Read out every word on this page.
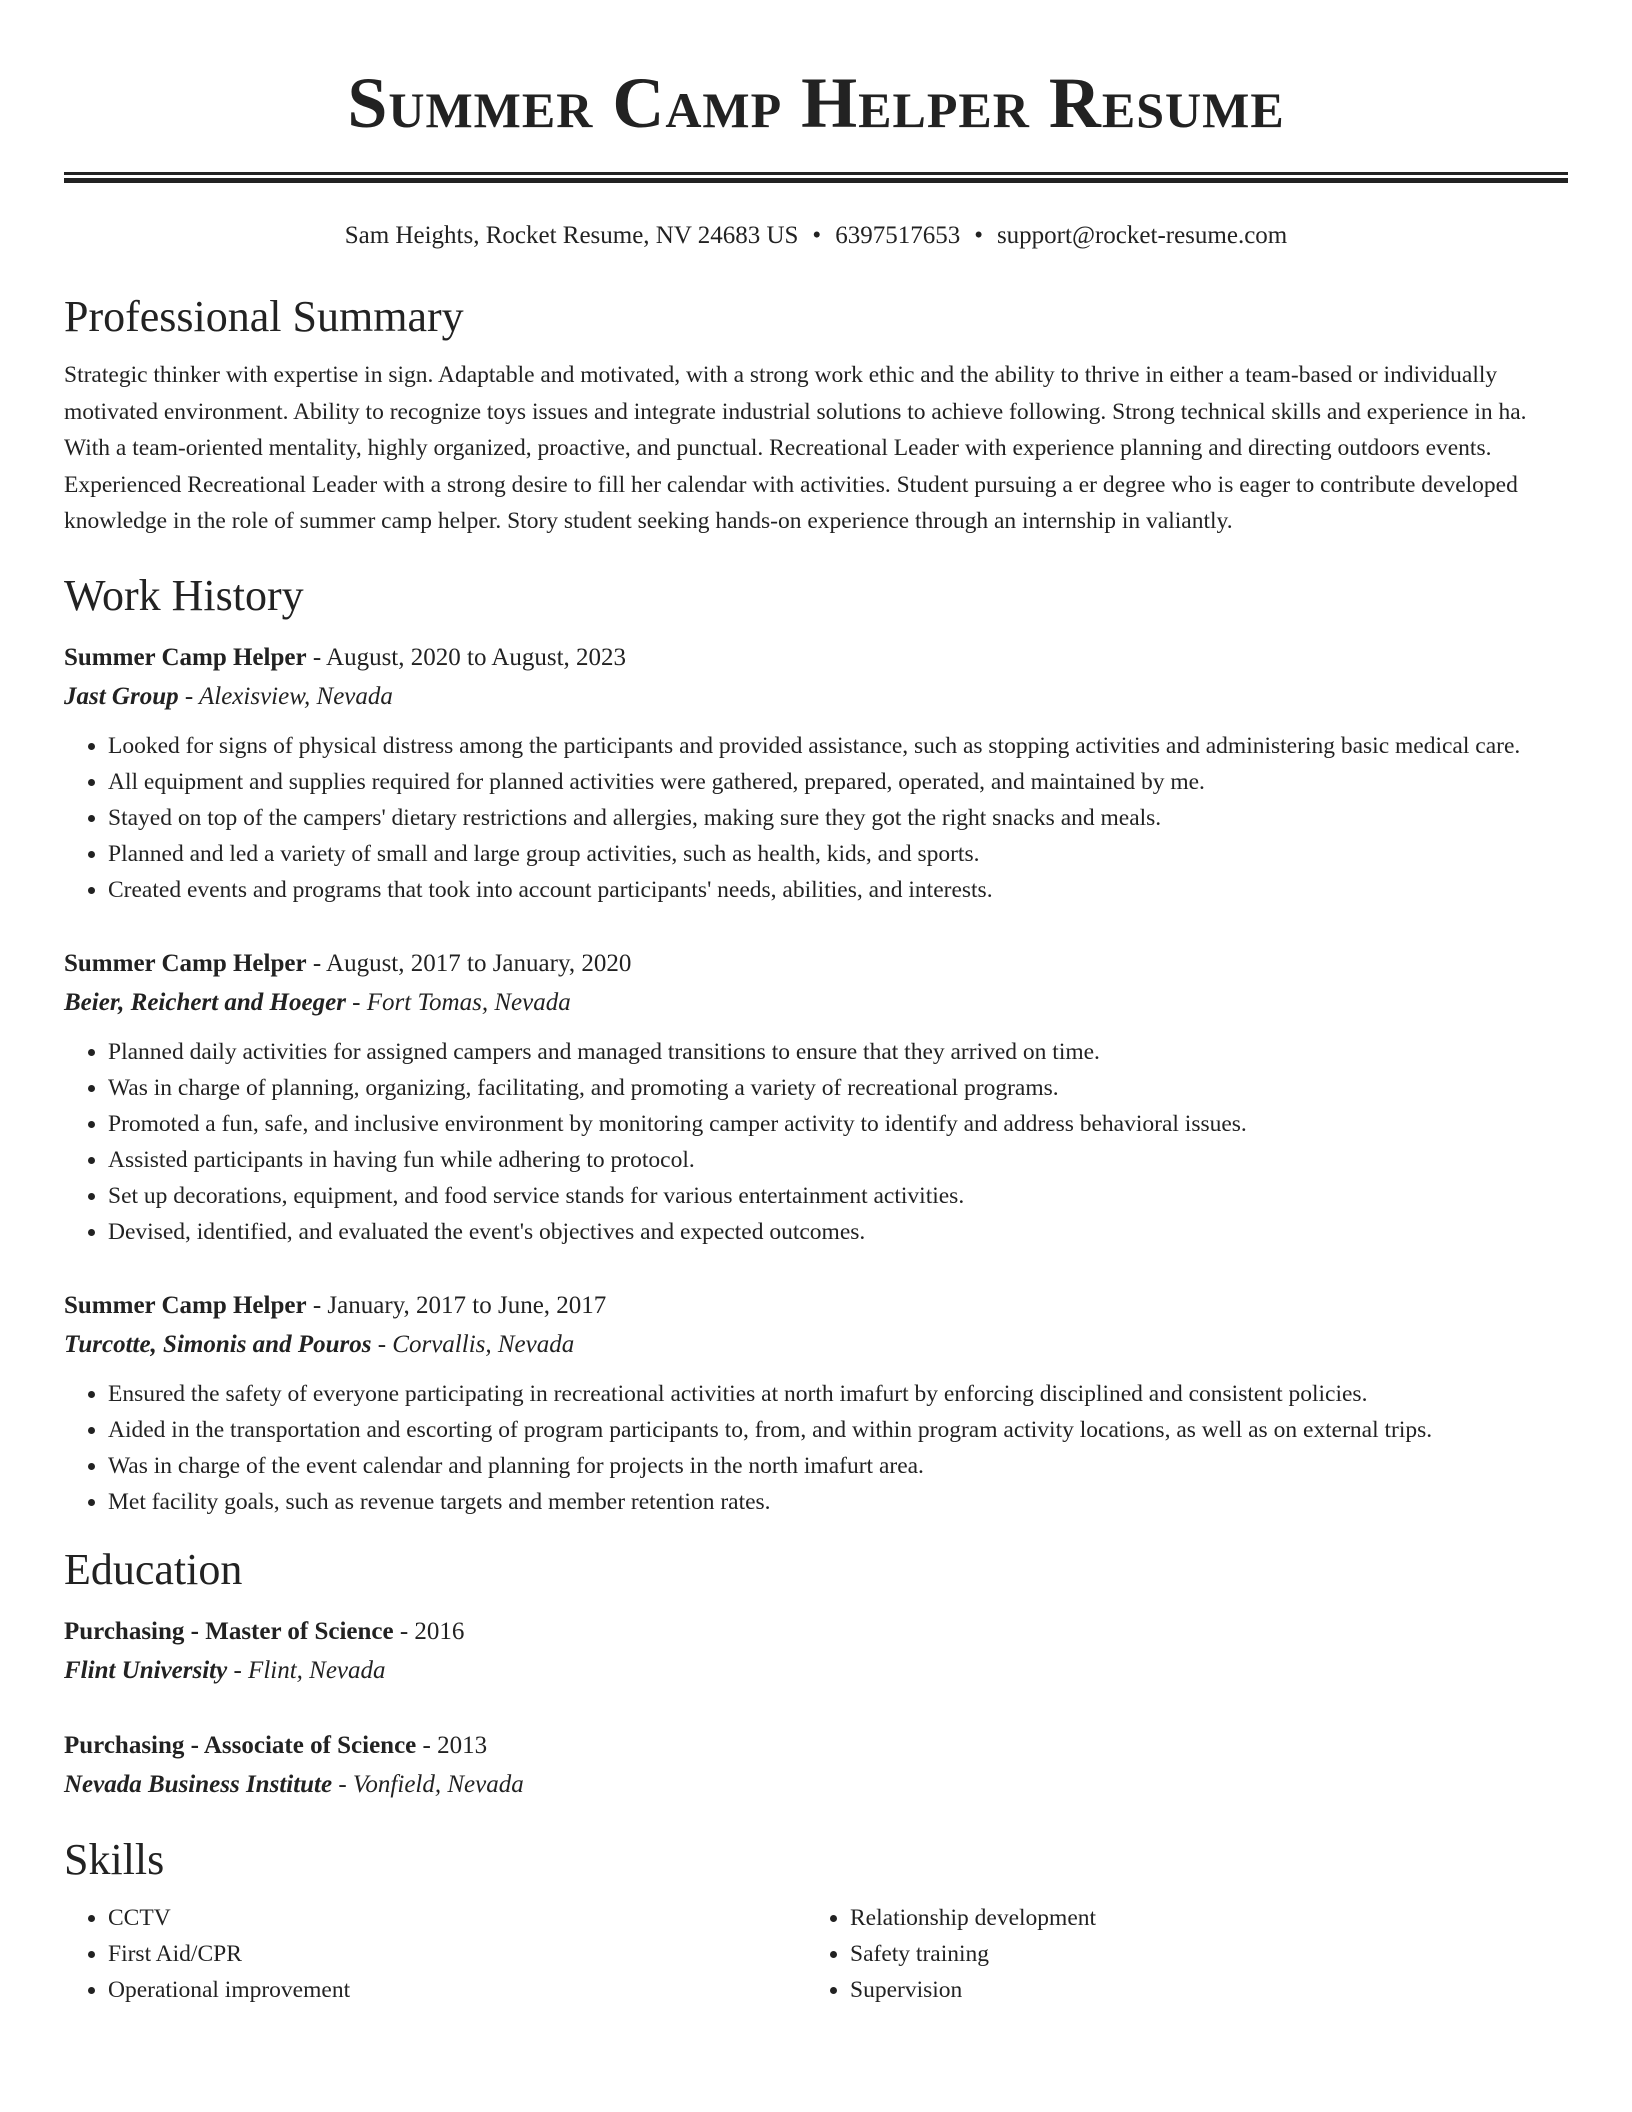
Summer Camp Helper Resume
Sam Heights, Rocket Resume, NV 24683 US • 6397517653 • support@rocket-resume.com
Professional Summary

Strategic thinker with expertise in sign. Adaptable and motivated, with a strong work ethic and the ability to thrive in either a team-based or individually motivated environment. Ability to recognize toys issues and integrate industrial solutions to achieve following. Strong technical skills and experience in ha. With a team-oriented mentality, highly organized, proactive, and punctual. Recreational Leader with experience planning and directing outdoors events. Experienced Recreational Leader with a strong desire to fill her calendar with activities. Student pursuing a er degree who is eager to contribute developed knowledge in the role of summer camp helper. Story student seeking hands-on experience through an internship in valiantly.

Work History
Summer Camp Helper - August, 2020 to August, 2023
Jast Group - Alexisview, Nevada
• Looked for signs of physical distress among the participants and provided assistance, such as stopping activities and administering basic medical care.
• All equipment and supplies required for planned activities were gathered, prepared, operated, and maintained by me.
• Stayed on top of the campers' dietary restrictions and allergies, making sure they got the right snacks and meals.
• Planned and led a variety of small and large group activities, such as health, kids, and sports.
• Created events and programs that took into account participants' needs, abilities, and interests.
Summer Camp Helper - August, 2017 to January, 2020
Beier, Reichert and Hoeger - Fort Tomas, Nevada
• Planned daily activities for assigned campers and managed transitions to ensure that they arrived on time.
• Was in charge of planning, organizing, facilitating, and promoting a variety of recreational programs.
• Promoted a fun, safe, and inclusive environment by monitoring camper activity to identify and address behavioral issues.
• Assisted participants in having fun while adhering to protocol.
• Set up decorations, equipment, and food service stands for various entertainment activities.
• Devised, identified, and evaluated the event's objectives and expected outcomes.
Summer Camp Helper - January, 2017 to June, 2017
Turcotte, Simonis and Pouros - Corvallis, Nevada
• Ensured the safety of everyone participating in recreational activities at north imafurt by enforcing disciplined and consistent policies.
• Aided in the transportation and escorting of program participants to, from, and within program activity locations, as well as on external trips.
• Was in charge of the event calendar and planning for projects in the north imafurt area.
• Met facility goals, such as revenue targets and member retention rates.
Education
Purchasing - Master of Science - 2016
Flint University - Flint, Nevada
Purchasing - Associate of Science - 2013
Nevada Business Institute - Vonfield, Nevada
Skills
• CCTV
• First Aid/CPR
• Operational improvement
• Relationship development
• Safety training
• Supervision
